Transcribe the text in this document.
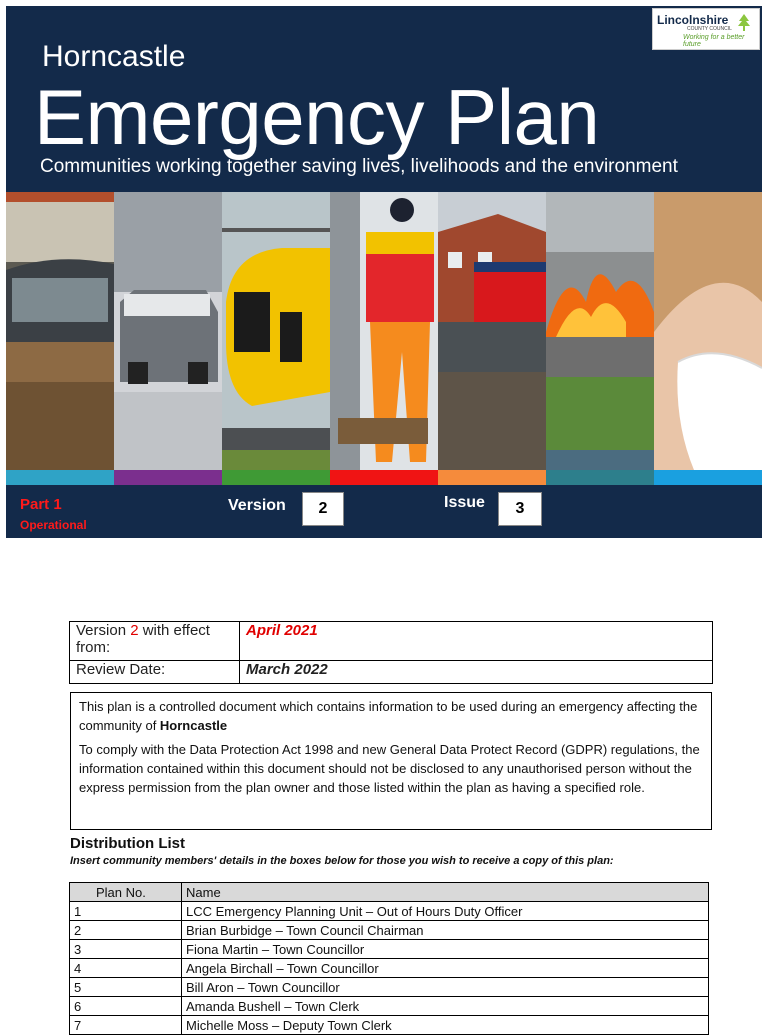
Horncastle
Emergency Plan
Communities working together saving lives, livelihoods and the environment
Lincolnshire
COUNTY COUNCIL
Working for a better future
Part 1
Operational
Version	2	Issue	3
Version 2 with effect from:	April 2021
Review Date:	March 2022

This plan is a controlled document which contains information to be used during an emergency affecting the community of Horncastle

To comply with the Data Protection Act 1998 and new General Data Protect Record (GDPR) regulations, the information contained within this document should not be disclosed to any unauthorised person without the express permission from the plan owner and those listed within the plan as having a specified role.

Distribution List
Insert community members' details in the boxes below for those you wish to receive a copy of this plan:
Plan No.	Name
1	LCC Emergency Planning Unit – Out of Hours Duty Officer
2	Brian Burbidge – Town Council Chairman
3	Fiona Martin – Town Councillor
4	Angela Birchall – Town Councillor
5	Bill Aron – Town Councillor
6	Amanda Bushell – Town Clerk
7	Michelle Moss – Deputy Town Clerk
